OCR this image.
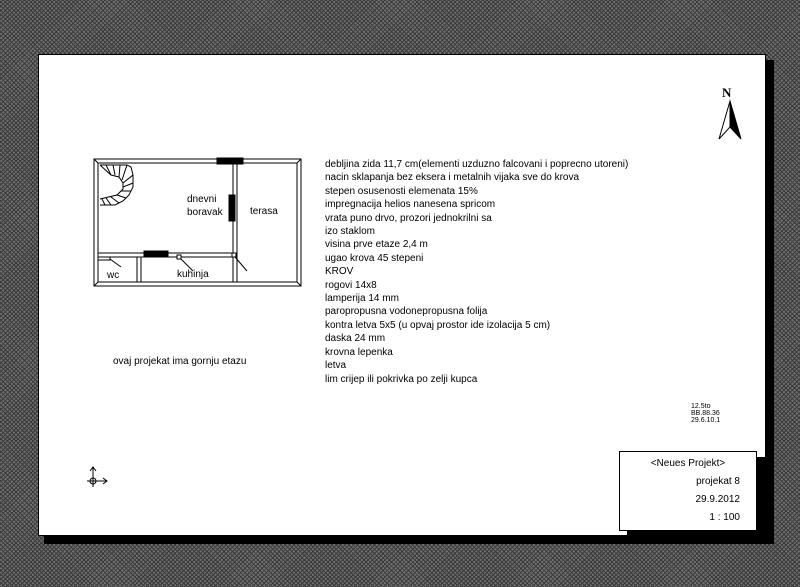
dnevni
boravak	terasa
wc	kuhinja
debljina zida 11,7 cm(elementi uzduzno falcovani i poprecno utoreni)
nacin sklapanja bez eksera i metalnih vijaka sve do krova
stepen osusenosti elemenata 15%
impregnacija helios nanesena spricom
vrata puno drvo, prozori jednokrilni sa
izo staklom
visina prve etaze 2,4 m
ugao krova 45 stepeni
KROV
rogovi 14x8
lamperija 14 mm
paropropusna vodonepropusna folija
kontra letva 5x5 (u opvaj prostor ide izolacija 5 cm)
daska 24 mm
krovna lepenka
letva
lim crijep ili pokrivka po zelji kupca
ovaj projekat ima gornju etazu
N
12.5to
BB.88.36
29.6.10.1
<Neues Projekt>
projekat 8
29.9.2012
1 : 100
